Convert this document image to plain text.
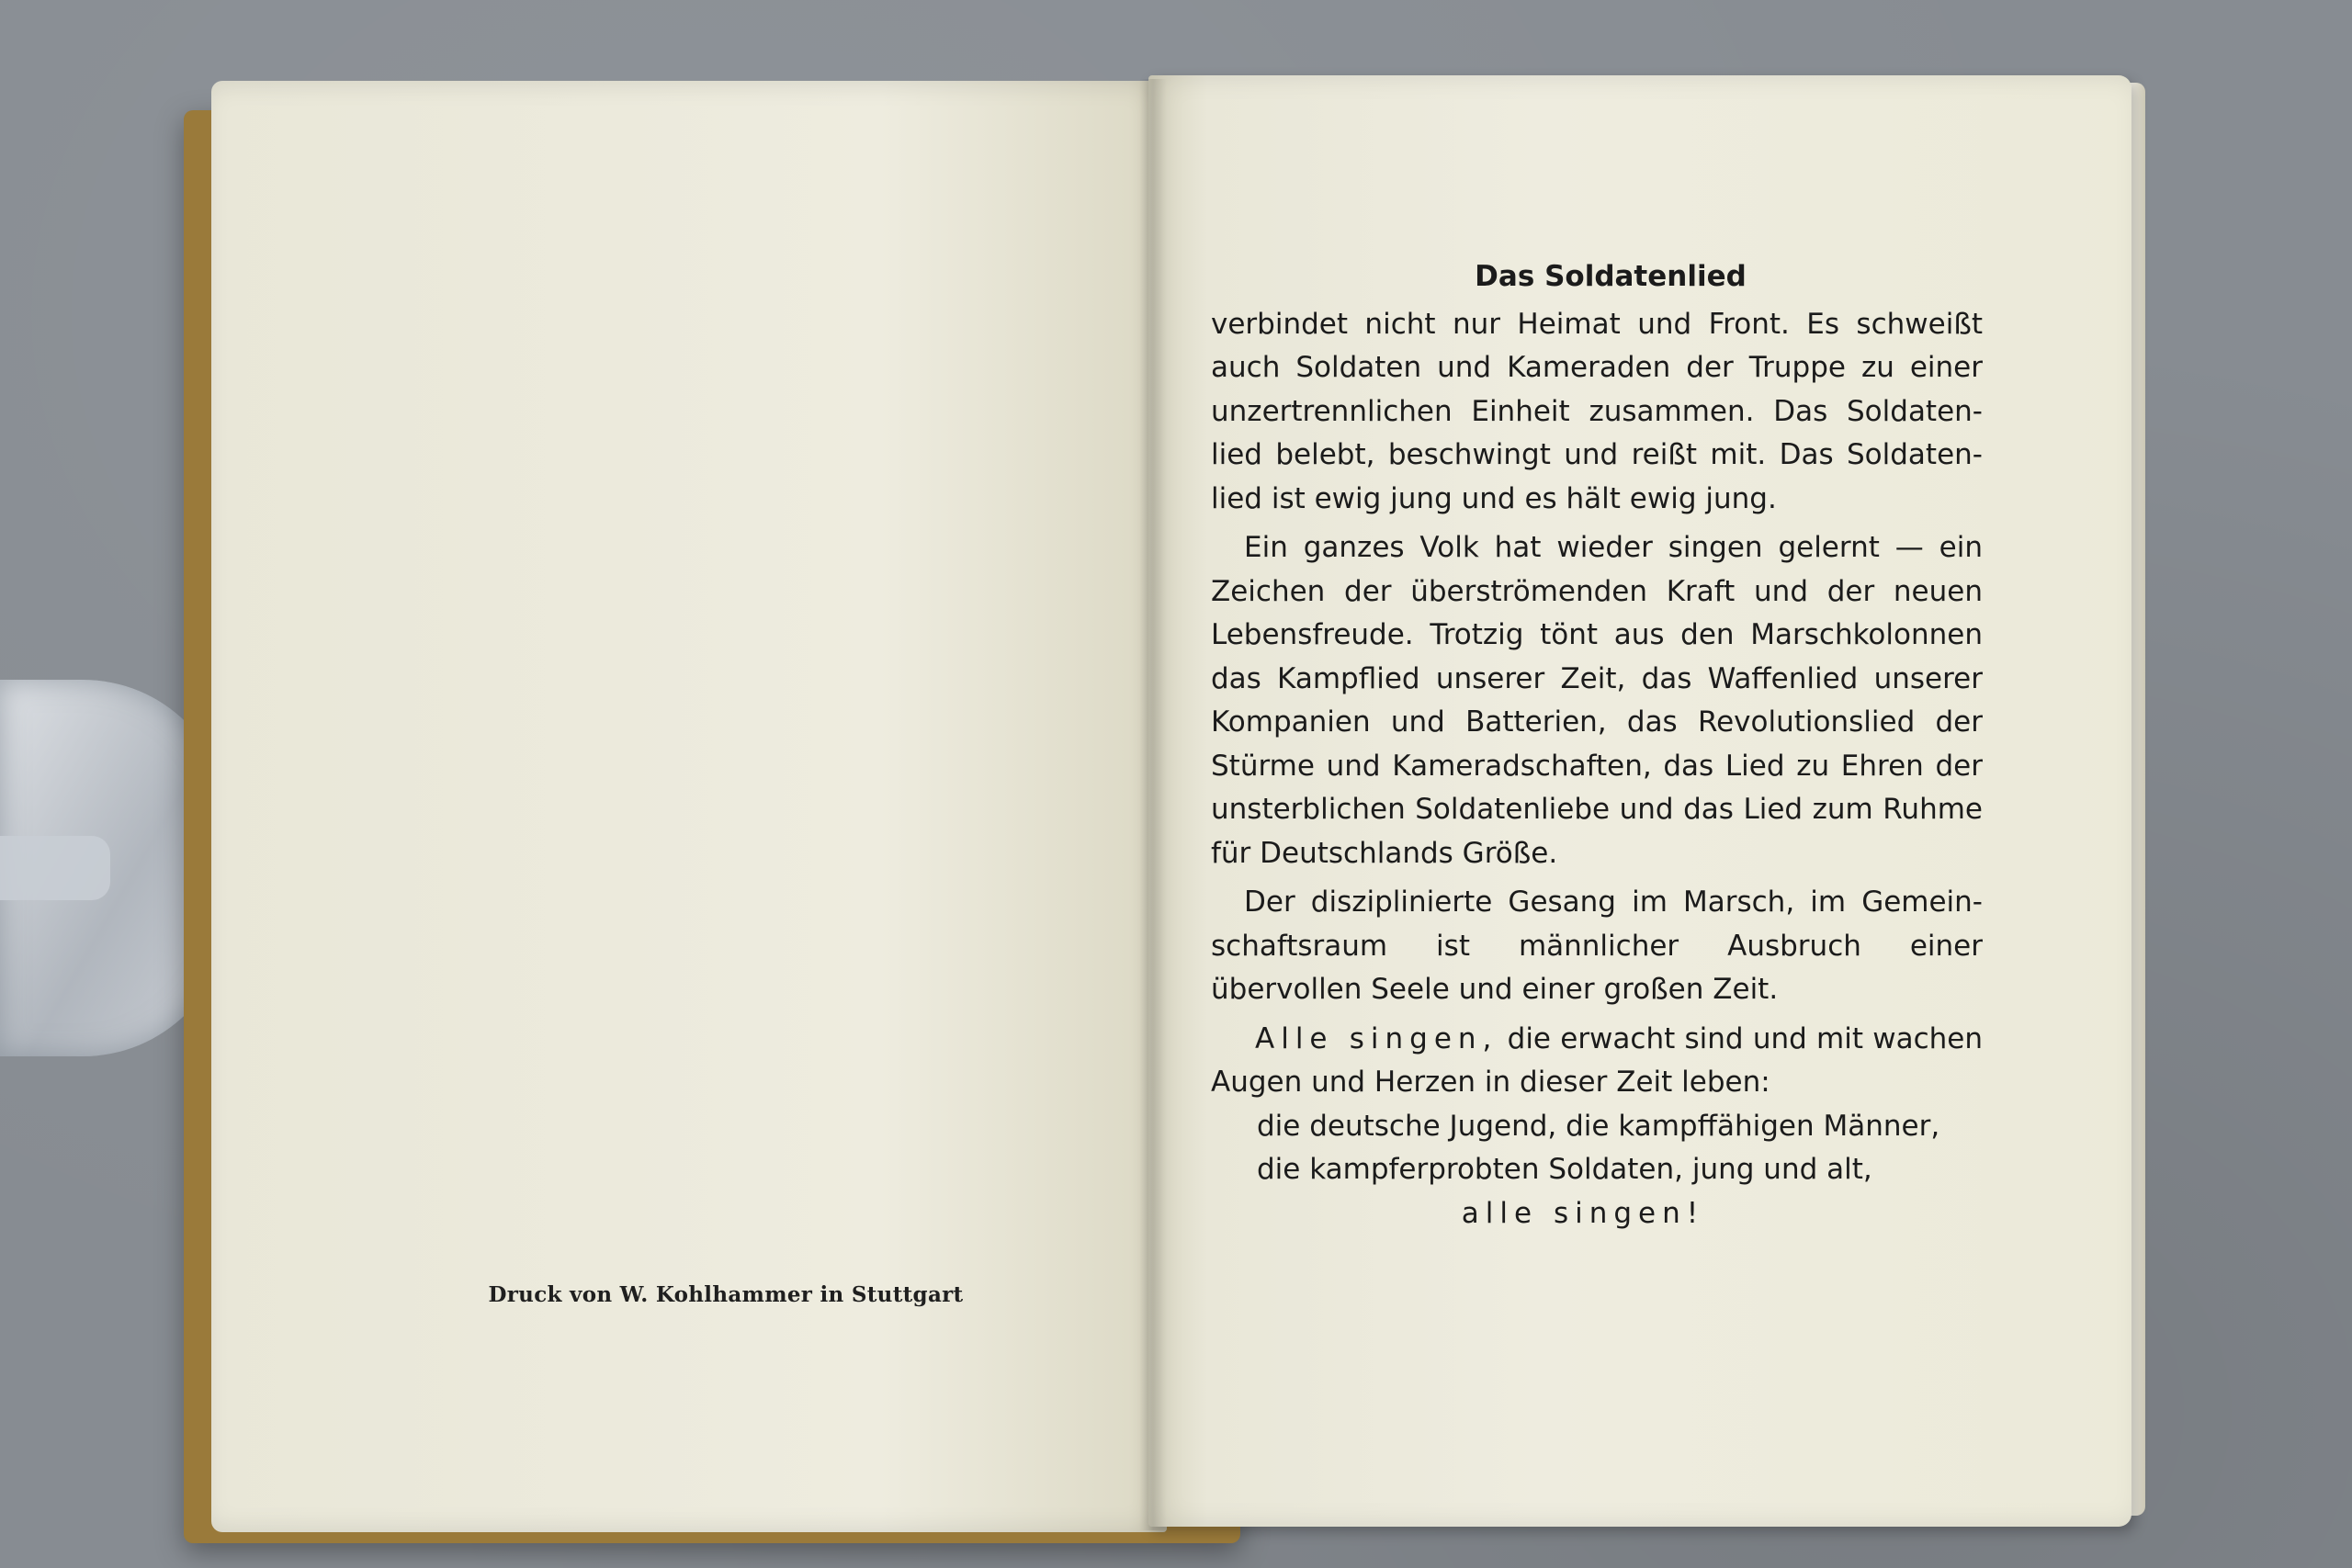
Druck von W. Kohlhammer in Stuttgart
Das Soldatenlied

verbindet nicht nur Heimat und Front. Es schweißt auch Soldaten und Kameraden der Truppe zu einer unzertrennlichen Einheit zusammen. Das Soldaten-lied belebt, beschwingt und reißt mit. Das Soldaten-lied ist ewig jung und es hält ewig jung.

Ein ganzes Volk hat wieder singen gelernt — ein Zeichen der überströmenden Kraft und der neuen Lebensfreude. Trotzig tönt aus den Marschkolonnen das Kampflied unserer Zeit, das Waffenlied unserer Kompanien und Batterien, das Revolutionslied der Stürme und Kameradschaften, das Lied zu Ehren der unsterblichen Soldatenliebe und das Lied zum Ruhme für Deutschlands Größe.

Der disziplinierte Gesang im Marsch, im Gemein-schaftsraum ist männlicher Ausbruch einer übervollen Seele und einer großen Zeit.

Alle singen, die erwacht sind und mit wachen Augen und Herzen in dieser Zeit leben:

die deutsche Jugend, die kampffähigen Männer,

die kampferprobten Soldaten, jung und alt,

alle singen!
